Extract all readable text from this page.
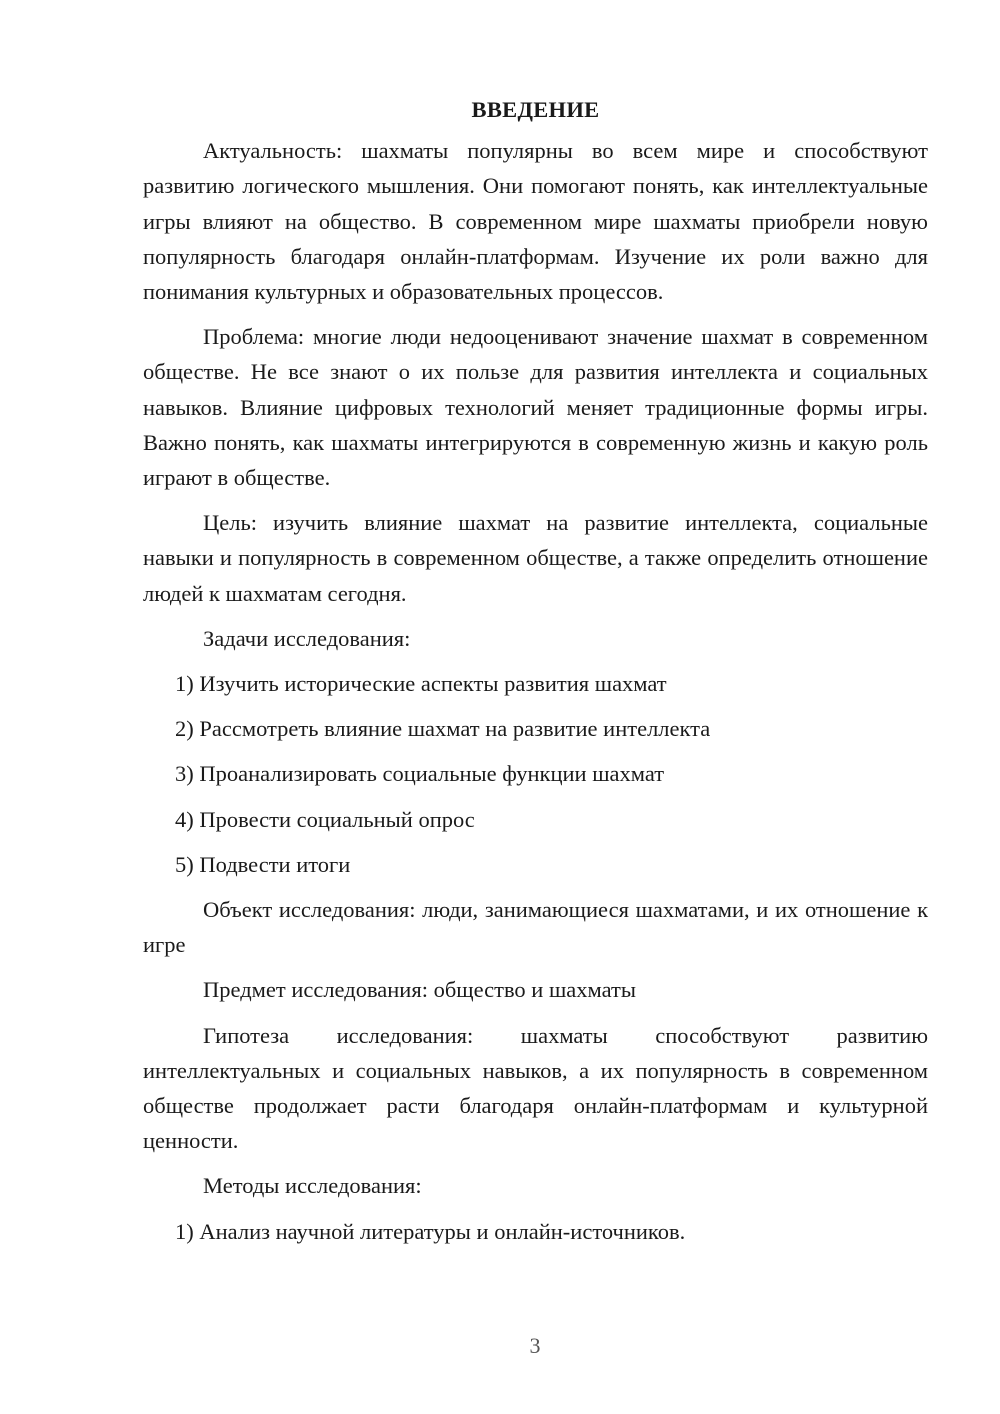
ВВЕДЕНИЕ

Актуальность: шахматы популярны во всем мире и способствуют развитию логического мышления. Они помогают понять, как интеллектуальные игры влияют на общество. В современном мире шахматы приобрели новую популярность благодаря онлайн-платформам. Изучение их роли важно для понимания культурных и образовательных процессов.

Проблема: многие люди недооценивают значение шахмат в современном обществе. Не все знают о их пользе для развития интеллекта и социальных навыков. Влияние цифровых технологий меняет традиционные формы игры. Важно понять, как шахматы интегрируются в современную жизнь и какую роль играют в обществе.

Цель: изучить влияние шахмат на развитие интеллекта, социальные навыки и популярность в современном обществе, а также определить отношение людей к шахматам сегодня.

Задачи исследования:

1) Изучить исторические аспекты развития шахмат

2) Рассмотреть влияние шахмат на развитие интеллекта

3) Проанализировать социальные функции шахмат

4) Провести социальный опрос

5) Подвести итоги

Объект исследования: люди, занимающиеся шахматами, и их отношение к игре

Предмет исследования: общество и шахматы

Гипотеза исследования: шахматы способствуют развитию интеллектуальных и социальных навыков, а их популярность в современном обществе продолжает расти благодаря онлайн-платформам и культурной ценности.

Методы исследования:

1) Анализ научной литературы и онлайн-источников.

3
